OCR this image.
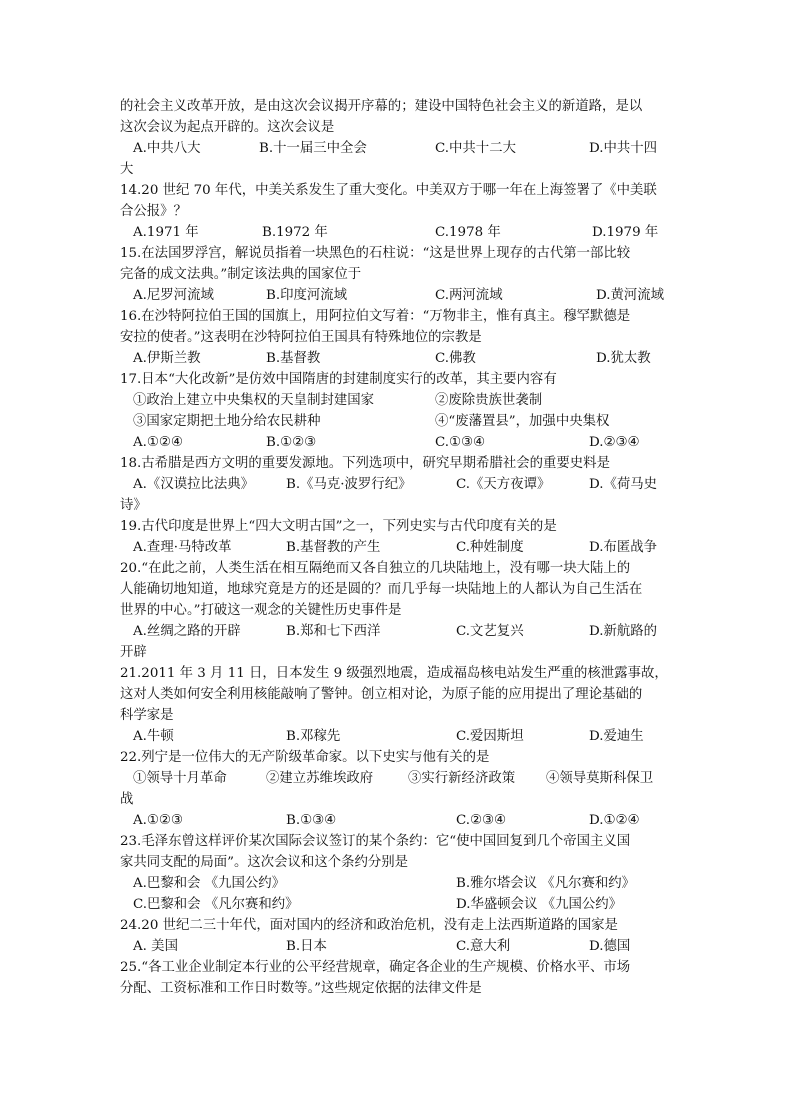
的社会主义改革开放，是由这次会议揭开序幕的；建设中国特色社会主义的新道路，是以
这次会议为起点开辟的。这次会议是
A.中共八大	B.十一届三中全会	C.中共十二大	D.中共十四
大
14.20 世纪 70 年代，中美关系发生了重大变化。中美双方于哪一年在上海签署了《中美联
合公报》？
A.1971 年	B.1972 年	C.1978 年	D.1979 年
15.在法国罗浮宫，解说员指着一块黑色的石柱说：“这是世界上现存的古代第一部比较
完备的成文法典。”制定该法典的国家位于
A.尼罗河流域	B.印度河流域	C.两河流域	D.黄河流域
16.在沙特阿拉伯王国的国旗上，用阿拉伯文写着：“万物非主，惟有真主。穆罕默德是
安拉的使者。”这表明在沙特阿拉伯王国具有特殊地位的宗教是
A.伊斯兰教	B.基督教	C.佛教	D.犹太教
17.日本“大化改新”是仿效中国隋唐的封建制度实行的改革，其主要内容有
①政治上建立中央集权的天皇制封建国家	②废除贵族世袭制
③国家定期把土地分给农民耕种	④“废藩置县”，加强中央集权
A.①②④	B.①②③	C.①③④	D.②③④
18.古希腊是西方文明的重要发源地。下列选项中，研究早期希腊社会的重要史料是
A.《汉谟拉比法典》 B.《马克·波罗行纪》	C.《天方夜谭》	D.《荷马史
诗》
19.古代印度是世界上“四大文明古国”之一，下列史实与古代印度有关的是
A.查理·马特改革	B.基督教的产生	C.种姓制度	D.布匿战争
20.“在此之前，人类生活在相互隔绝而又各自独立的几块陆地上，没有哪一块大陆上的
人能确切地知道，地球究竟是方的还是圆的？而几乎每一块陆地上的人都认为自己生活在
世界的中心。”打破这一观念的关键性历史事件是
A.丝绸之路的开辟	B.郑和七下西洋	C.文艺复兴	D.新航路的
开辟
21.2011 年 3 月 11 日，日本发生 9 级强烈地震，造成福岛核电站发生严重的核泄露事故，
这对人类如何安全利用核能敲响了警钟。创立相对论，为原子能的应用提出了理论基础的
科学家是
A.牛顿	B.邓稼先	C.爱因斯坦	D.爱迪生
22.列宁是一位伟大的无产阶级革命家。以下史实与他有关的是
①领导十月革命	②建立苏维埃政府	③实行新经济政策 ④领导莫斯科保卫
战
A.①②③	B.①③④	C.②③④	D.①②④
23.毛泽东曾这样评价某次国际会议签订的某个条约：它“使中国回复到几个帝国主义国
家共同支配的局面”。这次会议和这个条约分别是
A.巴黎和会 《九国公约》	B.雅尔塔会议 《凡尔赛和约》
C.巴黎和会 《凡尔赛和约》	D.华盛顿会议 《九国公约》
24.20 世纪二三十年代，面对国内的经济和政治危机，没有走上法西斯道路的国家是
A. 美国	B.日本	C.意大利	D.德国
25.“各工业企业制定本行业的公平经营规章，确定各企业的生产规模、价格水平、市场
分配、工资标准和工作日时数等。”这些规定依据的法律文件是
